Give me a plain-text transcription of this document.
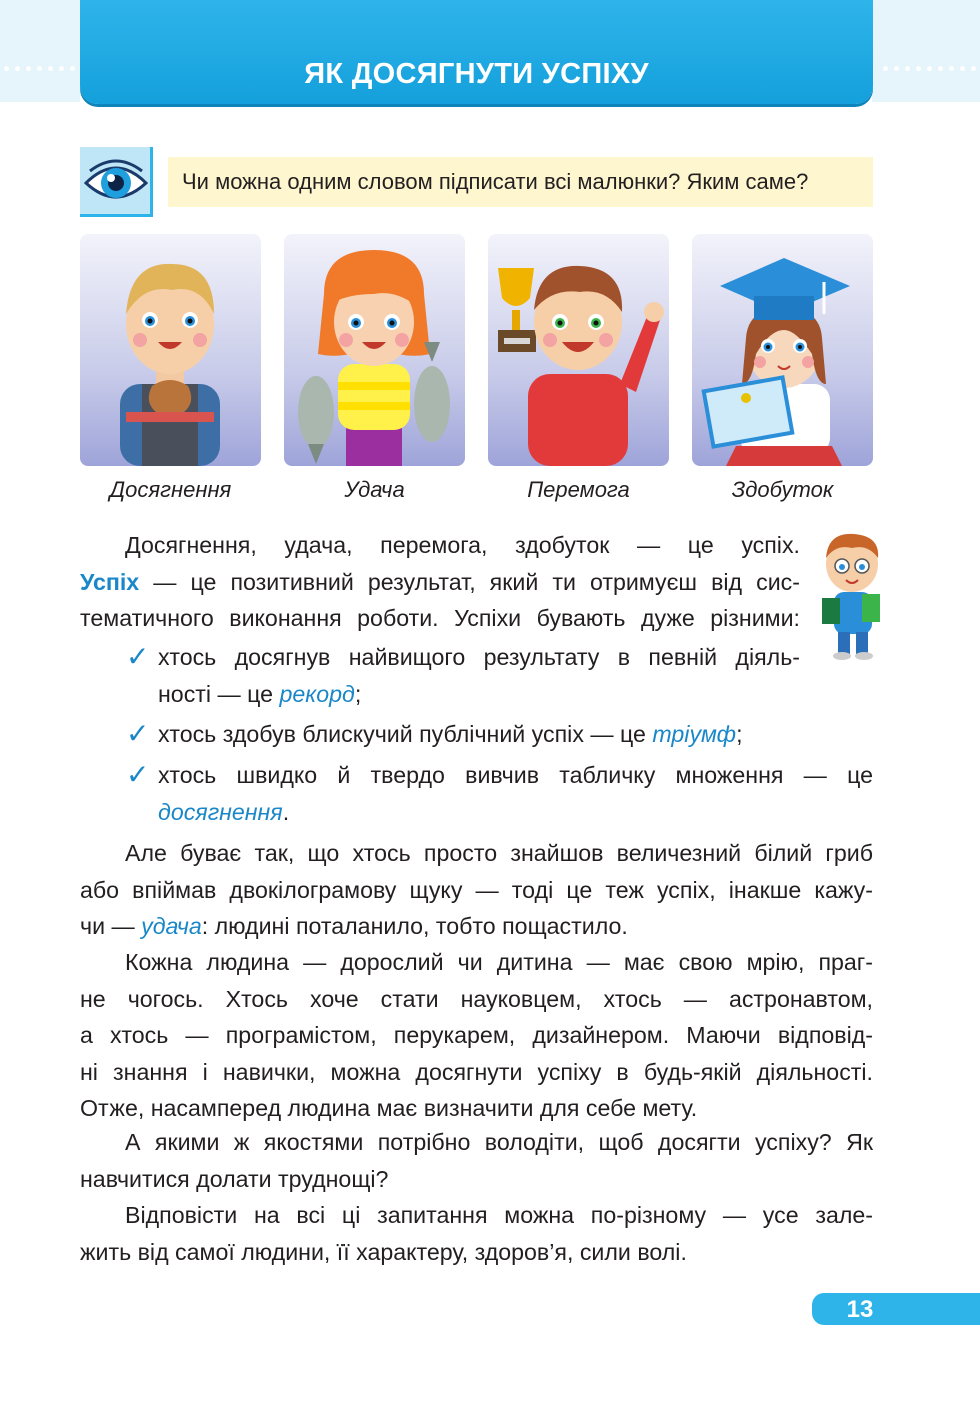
ЯК ДОСЯГНУТИ УСПІХУ
Чи можна одним словом підписати всі малюнки? Яким саме?
Досягнення	Удача	Перемога	Здобуток
Досягнення, удача, перемога, здобуток — це успіх.
Успіх — це позитивний результат, який ти отримуєш від сис-
тематичного виконання роботи. Успіхи бувають дуже різними:
✓ хтось досягнув найвищого результату в певній діяль-
ності — це рекорд;
✓ хтось здобув блискучий публічний успіх — це тріумф;
✓ хтось швидко й твердо вивчив табличку множення — це
досягнення.
Але буває так, що хтось просто знайшов величезний білий гриб
або впіймав двокілограмову щуку — тоді це теж успіх, інакше кажу-
чи — удача: людині поталанило, тобто пощастило.
Кожна людина — дорослий чи дитина — має свою мрію, праг-
не чогось. Хтось хоче стати науковцем, хтось — астронавтом,
а хтось — програмістом, перукарем, дизайнером. Маючи відповід-
ні знання і навички, можна досягнути успіху в будь-якій діяльності.
Отже, насамперед людина має визначити для себе мету.
А якими ж якостями потрібно володіти, щоб досягти успіху? Як
навчитися долати труднощі?
Відповісти на всі ці запитання можна по-різному — усе зале-
жить від самої людини, її характеру, здоров’я, сили волі.
13
